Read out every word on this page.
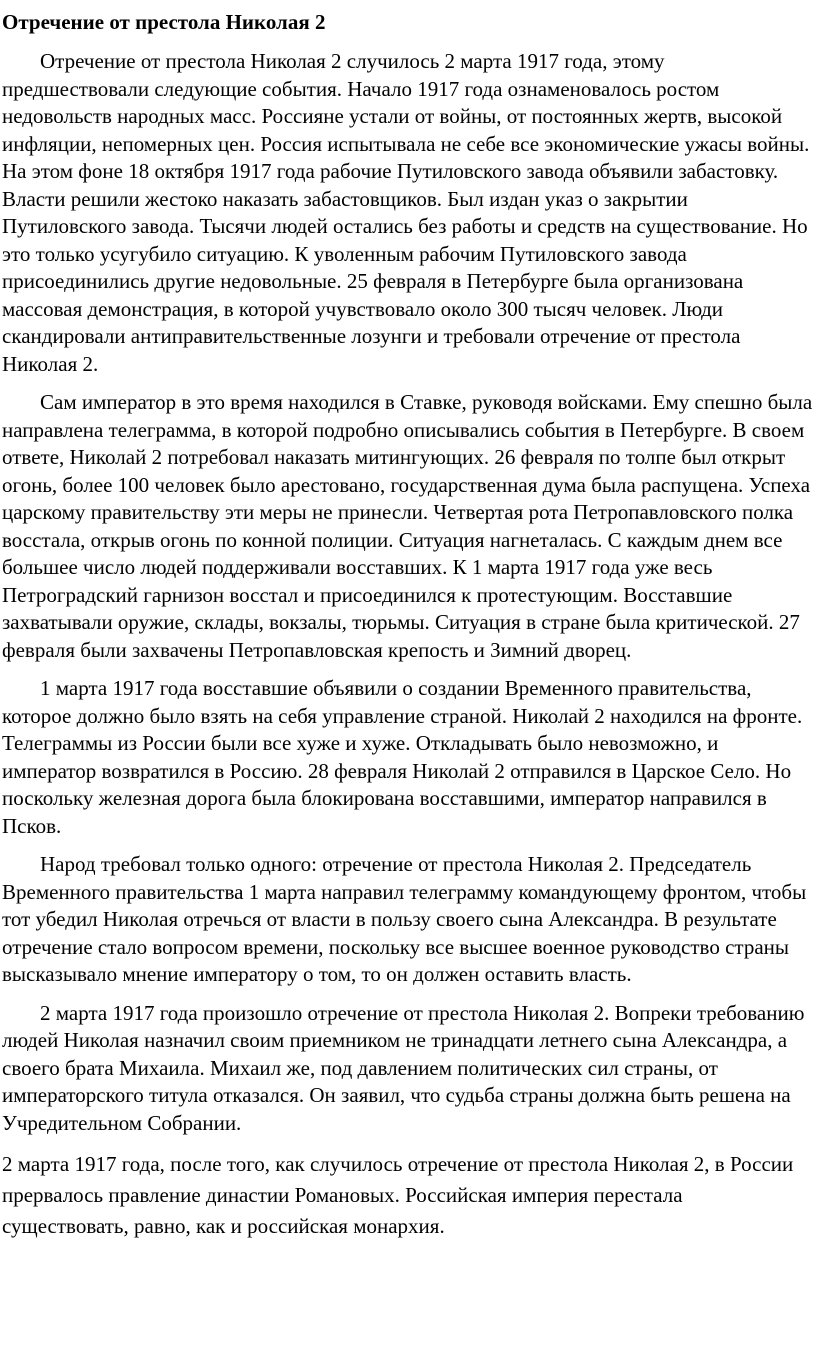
Отречение от престола Николая 2

Отречение от престола Николая 2 случилось 2 марта 1917 года, этому предшествовали следующие события. Начало 1917 года ознаменовалось ростом недовольств народных масс. Россияне устали от войны, от постоянных жертв, высокой инфляции, непомерных цен. Россия испытывала не себе все экономические ужасы войны. На этом фоне 18 октября 1917 года рабочие Путиловского завода объявили забастовку. Власти решили жестоко наказать забастовщиков. Был издан указ о закрытии Путиловского завода. Тысячи людей остались без работы и средств на существование. Но это только усугубило ситуацию. К уволенным рабочим Путиловского завода присоединились другие недовольные. 25 февраля в Петербурге была организована массовая демонстрация, в которой учувствовало около 300 тысяч человек. Люди скандировали антиправительственные лозунги и требовали отречение от престола Николая 2.

Сам император в это время находился в Ставке, руководя войсками. Ему спешно была направлена телеграмма, в которой подробно описывались события в Петербурге. В своем ответе, Николай 2 потребовал наказать митингующих. 26 февраля по толпе был открыт огонь, более 100 человек было арестовано, государственная дума была распущена. Успеха царскому правительству эти меры не принесли. Четвертая рота Петропавловского полка восстала, открыв огонь по конной полиции. Ситуация нагнеталась. С каждым днем все большее число людей поддерживали восставших. К 1 марта 1917 года уже весь Петроградский гарнизон восстал и присоединился к протестующим. Восставшие захватывали оружие, склады, вокзалы, тюрьмы. Ситуация в стране была критической. 27 февраля были захвачены Петропавловская крепость и Зимний дворец.

1 марта 1917 года восставшие объявили о создании Временного правительства, которое должно было взять на себя управление страной. Николай 2 находился на фронте. Телеграммы из России были все хуже и хуже. Откладывать было невозможно, и император возвратился в Россию. 28 февраля Николай 2 отправился в Царское Село. Но поскольку железная дорога была блокирована восставшими, император направился в Псков.

Народ требовал только одного: отречение от престола Николая 2. Председатель Временного правительства 1 марта направил телеграмму командующему фронтом, чтобы тот убедил Николая отречься от власти в пользу своего сына Александра. В результате отречение стало вопросом времени, поскольку все высшее военное руководство страны высказывало мнение императору о том, то он должен оставить власть.

2 марта 1917 года произошло отречение от престола Николая 2. Вопреки требованию людей Николая назначил своим приемником не тринадцати летнего сына Александра, а своего брата Михаила. Михаил же, под давлением политических сил страны, от императорского титула отказался. Он заявил, что судьба страны должна быть решена на Учредительном Собрании.

2 марта 1917 года, после того, как случилось отречение от престола Николая 2, в России прервалось правление династии Романовых. Российская империя перестала существовать, равно, как и российская монархия.
